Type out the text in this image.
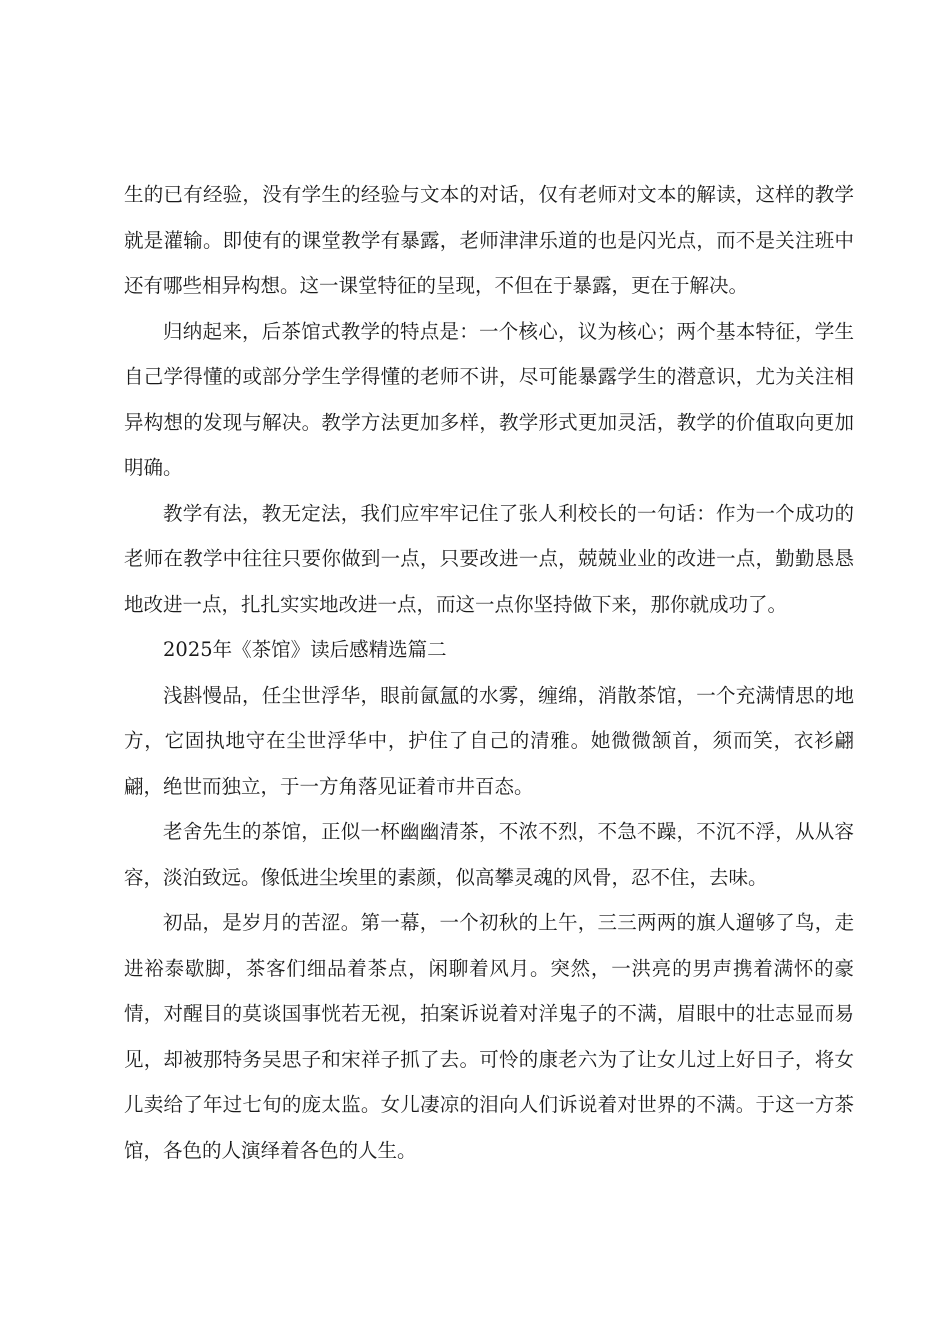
生的已有经验，没有学生的经验与文本的对话，仅有老师对文本的解读，这样的教学就是灌输。即使有的课堂教学有暴露，老师津津乐道的也是闪光点，而不是关注班中还有哪些相异构想。这一课堂特征的呈现，不但在于暴露，更在于解决。

归纳起来，后茶馆式教学的特点是：一个核心，议为核心；两个基本特征，学生自己学得懂的或部分学生学得懂的老师不讲，尽可能暴露学生的潜意识，尤为关注相异构想的发现与解决。教学方法更加多样，教学形式更加灵活，教学的价值取向更加明确。

教学有法，教无定法，我们应牢牢记住了张人利校长的一句话：作为一个成功的老师在教学中往往只要你做到一点，只要改进一点，兢兢业业的改进一点，勤勤恳恳地改进一点，扎扎实实地改进一点，而这一点你坚持做下来，那你就成功了。

2025年《茶馆》读后感精选篇二

浅斟慢品，任尘世浮华，眼前氤氲的水雾，缠绵，消散茶馆，一个充满情思的地方，它固执地守在尘世浮华中，护住了自己的清雅。她微微颔首，须而笑，衣衫翩翩，绝世而独立，于一方角落见证着市井百态。

老舍先生的茶馆，正似一杯幽幽清茶，不浓不烈，不急不躁，不沉不浮，从从容容，淡泊致远。像低进尘埃里的素颜，似高攀灵魂的风骨，忍不住，去味。

初品，是岁月的苦涩。第一幕，一个初秋的上午，三三两两的旗人遛够了鸟，走进裕泰歇脚，茶客们细品着茶点，闲聊着风月。突然，一洪亮的男声携着满怀的豪情，对醒目的莫谈国事恍若无视，拍案诉说着对洋鬼子的不满，眉眼中的壮志显而易见，却被那特务吴思子和宋祥子抓了去。可怜的康老六为了让女儿过上好日子，将女儿卖给了年过七旬的庞太监。女儿凄凉的泪向人们诉说着对世界的不满。于这一方茶馆，各色的人演绎着各色的人生。
